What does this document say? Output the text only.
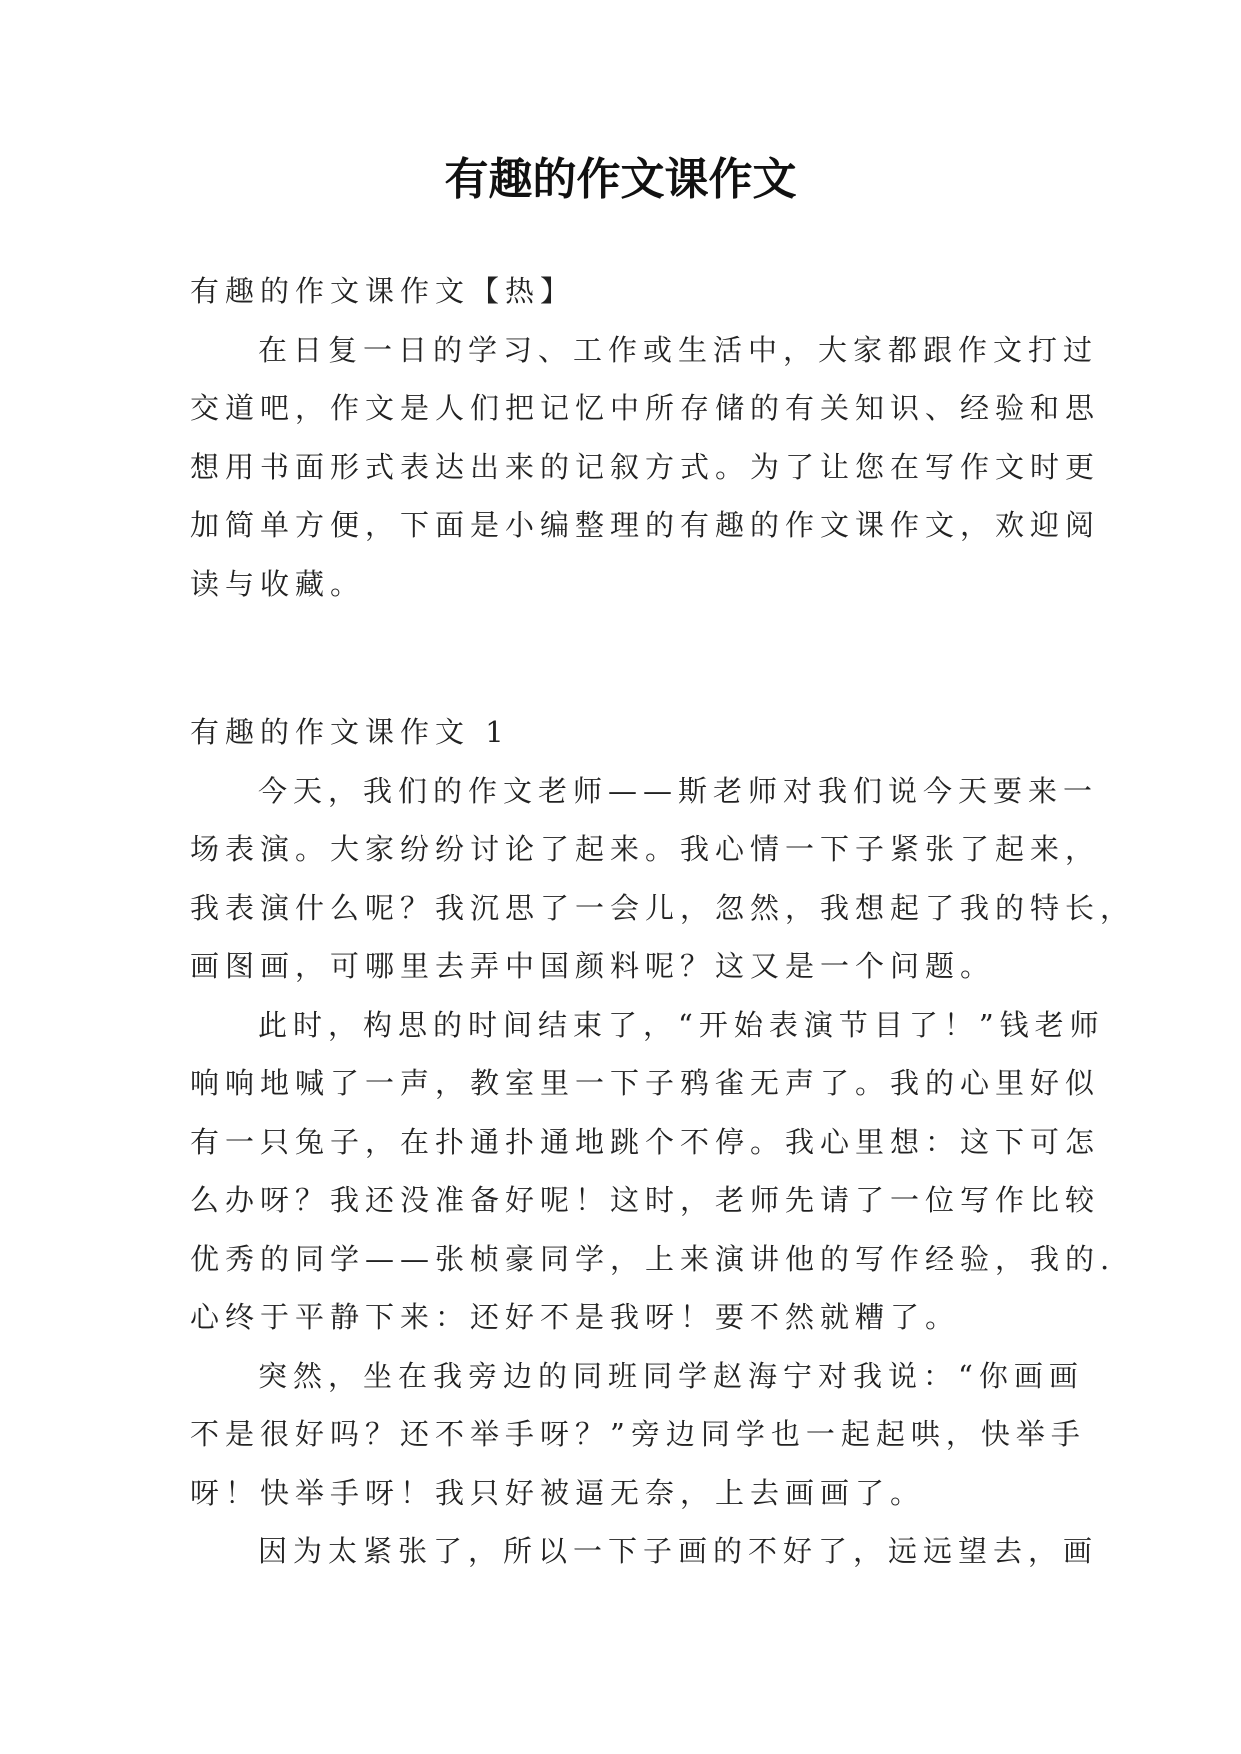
有趣的作文课作文
有趣的作文课作文【热】
在日复一日的学习、工作或生活中，大家都跟作文打过
交道吧，作文是人们把记忆中所存储的有关知识、经验和思
想用书面形式表达出来的记叙方式。为了让您在写作文时更
加简单方便，下面是小编整理的有趣的作文课作文，欢迎阅
读与收藏。
有趣的作文课作文 1
今天，我们的作文老师——斯老师对我们说今天要来一
场表演。大家纷纷讨论了起来。我心情一下子紧张了起来，
我表演什么呢？我沉思了一会儿，忽然，我想起了我的特长，
画图画，可哪里去弄中国颜料呢？这又是一个问题。
此时，构思的时间结束了，“开始表演节目了！”钱老师
响响地喊了一声，教室里一下子鸦雀无声了。我的心里好似
有一只兔子，在扑通扑通地跳个不停。我心里想：这下可怎
么办呀？我还没准备好呢！这时，老师先请了一位写作比较
优秀的同学——张桢豪同学，上来演讲他的写作经验，我的.
心终于平静下来：还好不是我呀！要不然就糟了。
突然，坐在我旁边的同班同学赵海宁对我说：“你画画
不是很好吗？还不举手呀？”旁边同学也一起起哄，快举手
呀！快举手呀！我只好被逼无奈，上去画画了。
因为太紧张了，所以一下子画的不好了，远远望去，画
